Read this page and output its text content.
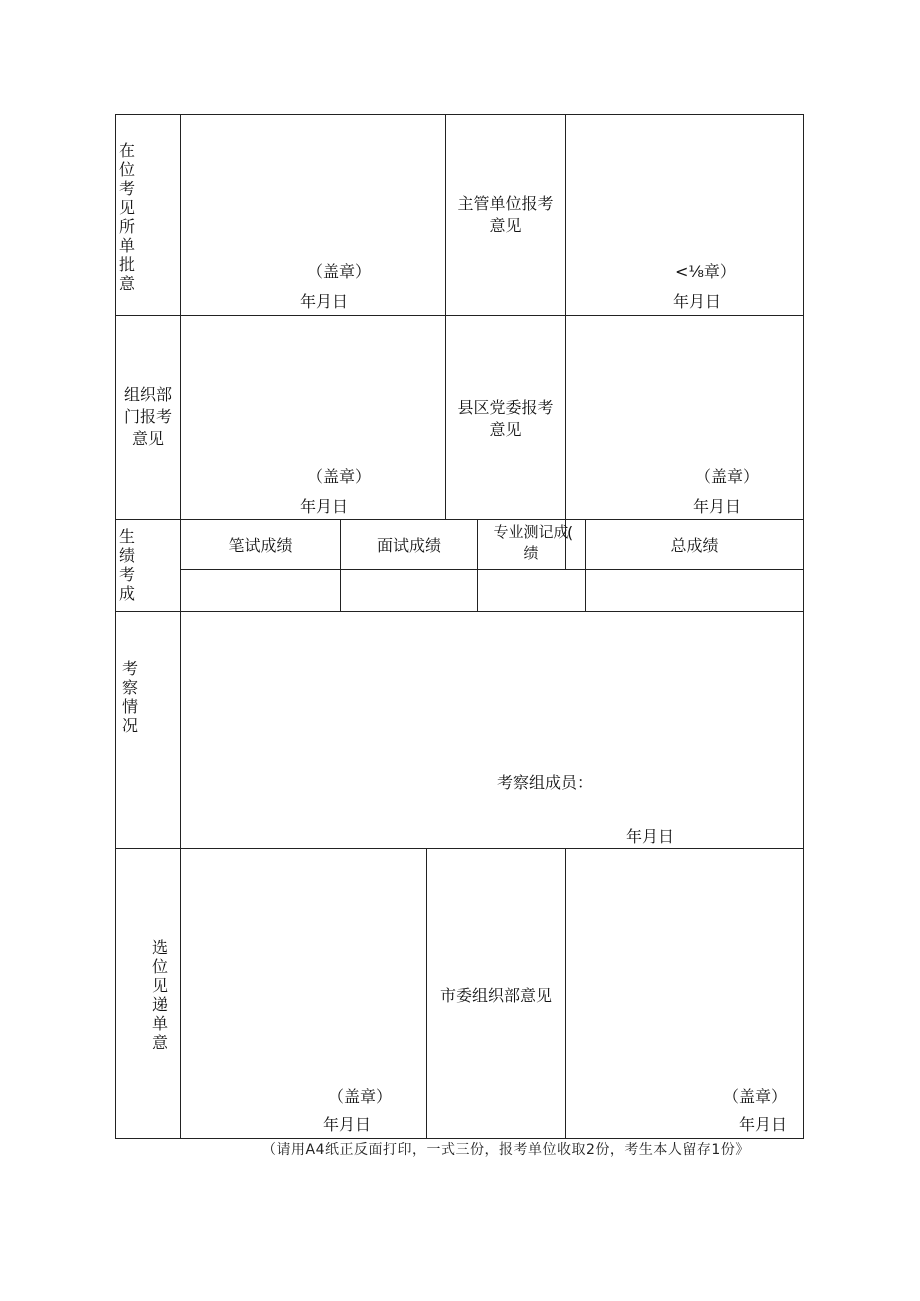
在位考见所单批意
（盖章）
年月日
主管单位报考
意见
<⅛章）
年月日
组织部
门报考
意见
（盖章）
年月日
县区党委报考
意见
（盖章）
年月日
生绩考成
笔试成绩	面试成绩
专业测记成
绩
(
总成绩
考察情况
考察组成员：
年月日
选位见递单意
（盖章）
年月日
市委组织部意见
（盖章）
年月日
（请用A4纸正反面打印，一式三份，报考单位收取2份，考生本人留存1份》
